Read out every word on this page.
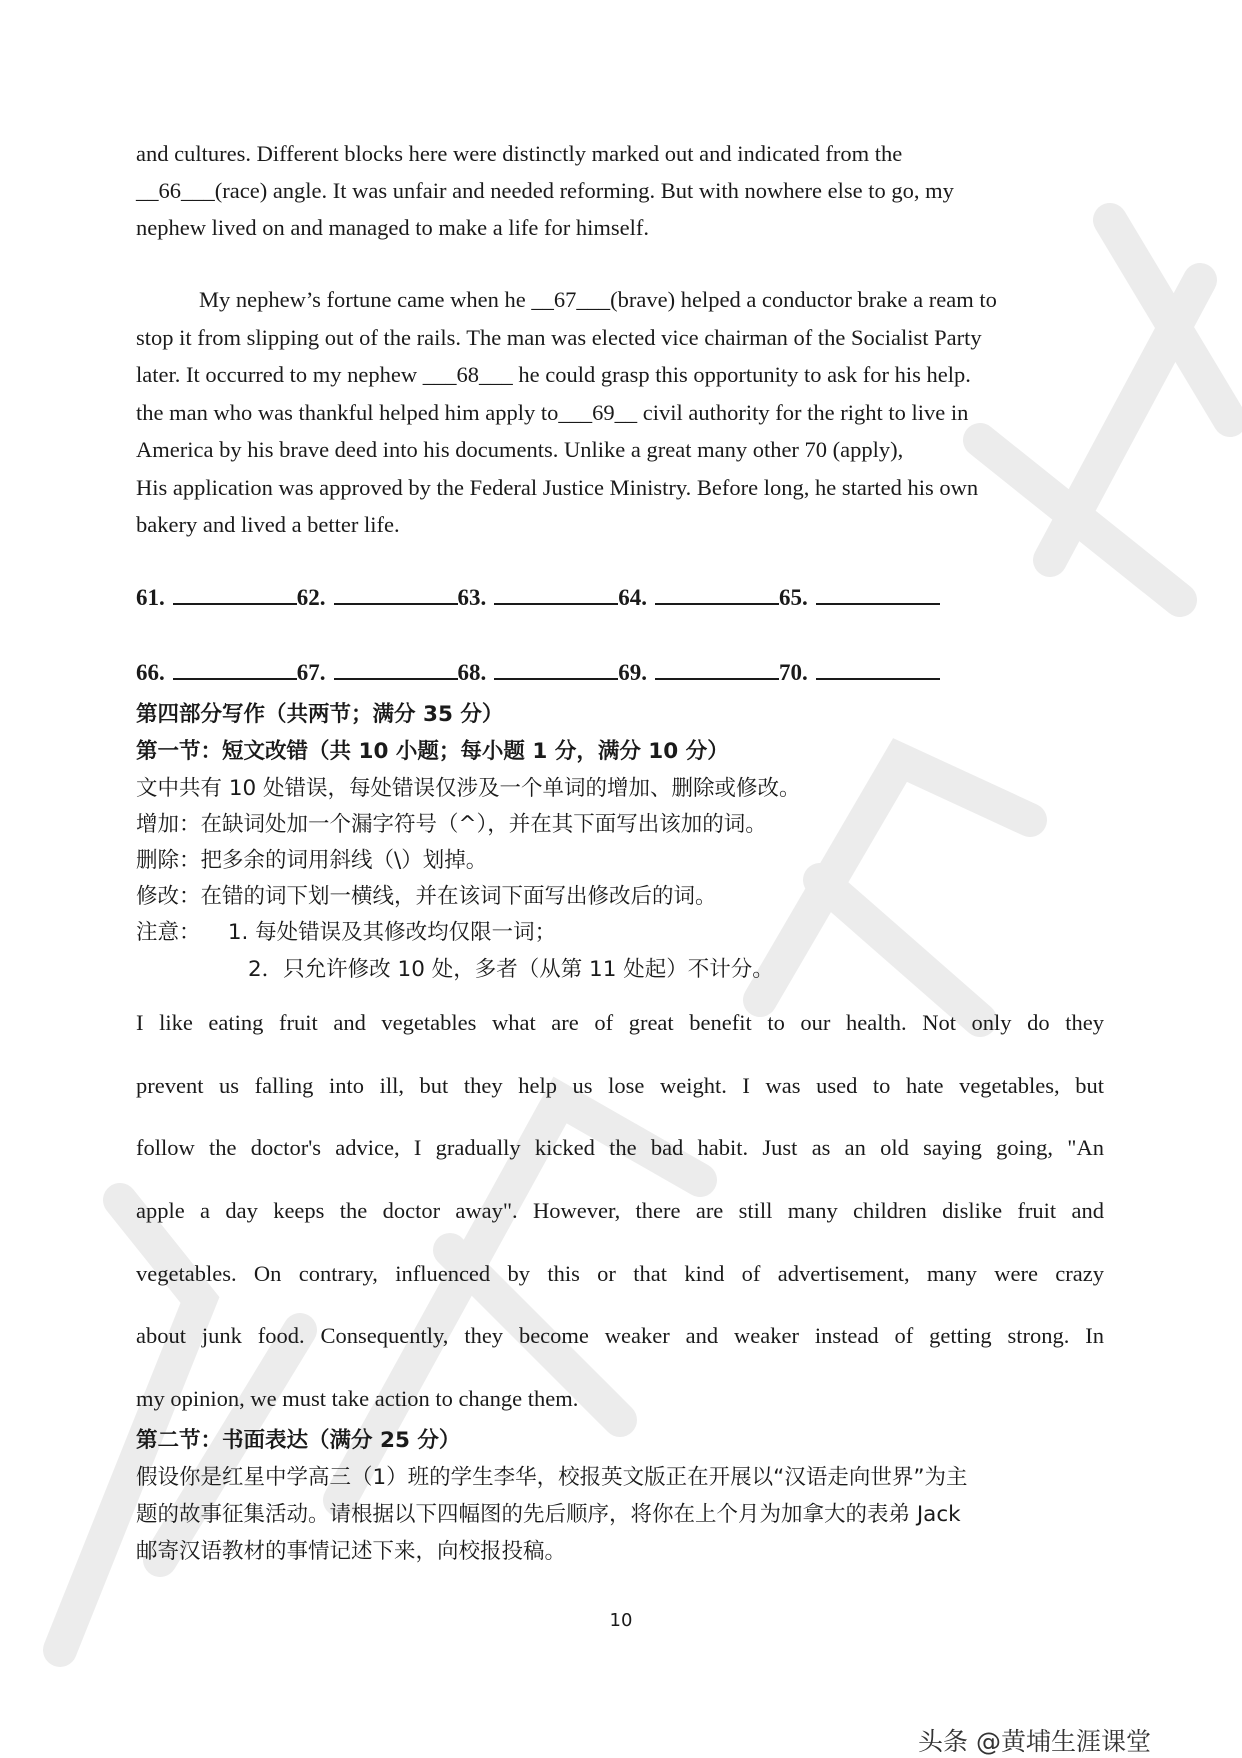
and cultures. Different blocks here were distinctly marked out and indicated from the
__66___(race) angle. It was unfair and needed reforming. But with nowhere else to go, my
nephew lived on and managed to make a life for himself.
My nephew’s fortune came when he __67___(brave) helped a conductor brake a ream to
stop it from slipping out of the rails. The man was elected vice chairman of the Socialist Party
later. It occurred to my nephew ___68___ he could grasp this opportunity to ask for his help.
the man who was thankful helped him apply to___69__ civil authority for the right to live in
America by his brave deed into his documents. Unlike a great many other 70 (apply),
His application was approved by the Federal Justice Ministry. Before long, he started his own
bakery and lived a better life.
61.	62.	63.	64.	65.
66.	67.	68.	69.	70.
第四部分写作（共两节；满分 35 分）
第一节：短文改错（共 10 小题；每小题 1 分，满分 10 分）
文中共有 10 处错误，每处错误仅涉及一个单词的增加、删除或修改。
增加：在缺词处加一个漏字符号（^），并在其下面写出该加的词。
删除：把多余的词用斜线（\）划掉。
修改：在错的词下划一横线，并在该词下面写出修改后的词。
注意：    1. 每处错误及其修改均仅限一词；
2．只允许修改 10 处，多者（从第 11 处起）不计分。
I like eating fruit and vegetables what are of great benefit to our health. Not only do they
prevent us falling into ill, but they help us lose weight. I was used to hate vegetables, but
follow the doctor's advice, I gradually kicked the bad habit. Just as an old saying going, "An
apple a day keeps the doctor away". However, there are still many children dislike fruit and
vegetables. On contrary, influenced by this or that kind of advertisement, many were crazy
about junk food. Consequently, they become weaker and weaker instead of getting strong. In
my opinion, we must take action to change them.
第二节：书面表达（满分 25 分）
假设你是红星中学高三（1）班的学生李华，校报英文版正在开展以“汉语走向世界”为主
题的故事征集活动。请根据以下四幅图的先后顺序，将你在上个月为加拿大的表弟 Jack
邮寄汉语教材的事情记述下来，向校报投稿。
10
头条 @黄埔生涯课堂
